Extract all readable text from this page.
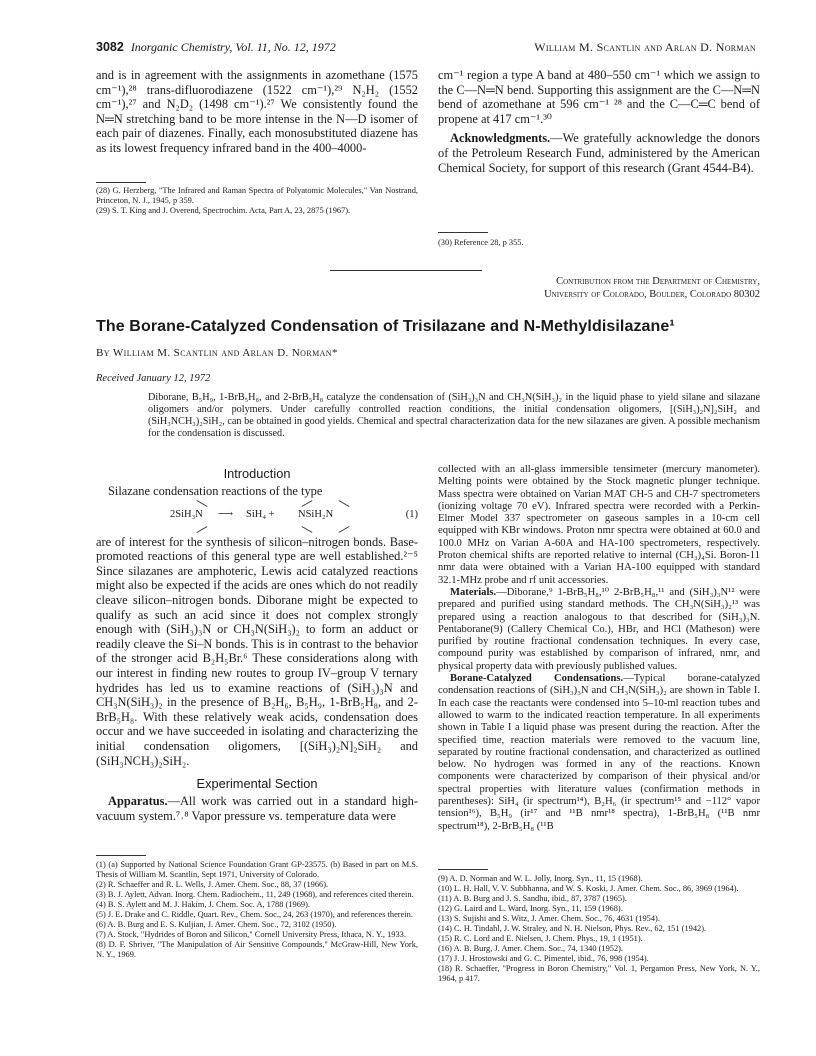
3082 Inorganic Chemistry, Vol. 11, No. 12, 1972	William M. Scantlin and Arlan D. Norman

and is in agreement with the assignments in azomethane (1575 cm⁻¹),²⁸ trans-difluorodiazene (1522 cm⁻¹),²⁹ N₂H₂ (1552 cm⁻¹),²⁷ and N₂D₂ (1498 cm⁻¹).²⁷ We consistently found the N═N stretching band to be more intense in the N—D isomer of each pair of diazenes. Finally, each monosubstituted diazene has as its lowest frequency infrared band in the 400–4000-

(28) G. Herzberg, "The Infrared and Raman Spectra of Polyatomic Molecules," Van Nostrand, Princeton, N. J., 1945, p 359.

(29) S. T. King and J. Overend, Spectrochim. Acta, Part A, 23, 2875 (1967).

cm⁻¹ region a type A band at 480–550 cm⁻¹ which we assign to the C—N═N bend. Supporting this assignment are the C—N═N bend of azomethane at 596 cm⁻¹ ²⁸ and the C—C═C bend of propene at 417 cm⁻¹.³⁰

Acknowledgments.—We gratefully acknowledge the donors of the Petroleum Research Fund, administered by the American Chemical Society, for support of this research (Grant 4544-B4).

(30) Reference 28, p 355.

Contribution from the Department of Chemistry,
University of Colorado, Boulder, Colorado 80302
The Borane-Catalyzed Condensation of Trisilazane and N-Methyldisilazane¹
By William M. Scantlin and Arlan D. Norman*
Received January 12, 1972
Diborane, B₅H₉, 1-BrB₅H₈, and 2-BrB₅H₈ catalyze the condensation of (SiH₃)₃N and CH₃N(SiH₃)₂ in the liquid phase to yield silane and silazane oligomers and/or polymers. Under carefully controlled reaction conditions, the initial condensation oligomers, [(SiH₃)₂N]₂SiH₂ and (SiH₃NCH₃)₂SiH₂, can be obtained in good yields. Chemical and spectral characterization data for the new silazanes are given. A possible mechanism for the condensation is discussed.
Introduction

Silazane condensation reactions of the type

2SiH₃N ⟶ SiH₄ + NSiH₂N	(1)

are of interest for the synthesis of silicon–nitrogen bonds. Base-promoted reactions of this general type are well established.²⁻⁵ Since silazanes are amphoteric, Lewis acid catalyzed reactions might also be expected if the acids are ones which do not readily cleave silicon–nitrogen bonds. Diborane might be expected to qualify as such an acid since it does not complex strongly enough with (SiH₃)₃N or CH₃N(SiH₃)₂ to form an adduct or readily cleave the Si–N bonds. This is in contrast to the behavior of the stronger acid B₂H₅Br.⁶ These considerations along with our interest in finding new routes to group IV–group V ternary hydrides has led us to examine reactions of (SiH₃)₃N and CH₃N(SiH₃)₂ in the presence of B₂H₆, B₅H₉, 1-BrB₅H₈, and 2-BrB₅H₈. With these relatively weak acids, condensation does occur and we have succeeded in isolating and characterizing the initial condensation oligomers, [(SiH₃)₂N]₂SiH₂ and (SiH₃NCH₃)₂SiH₂.

Experimental Section

Apparatus.—All work was carried out in a standard high-vacuum system.⁷˒⁸ Vapor pressure vs. temperature data were

(1) (a) Supported by National Science Foundation Grant GP-23575. (b) Based in part on M.S. Thesis of William M. Scantlin, Sept 1971, University of Colorado.

(2) R. Schaeffer and R. L. Wells, J. Amer. Chem. Soc., 88, 37 (1966).

(3) B. J. Aylett, Advan. Inorg. Chem. Radiochem., 11, 249 (1968), and references cited therein.

(4) B. S. Aylett and M. J. Hakim, J. Chem. Soc. A, 1788 (1969).

(5) J. E. Drake and C. Riddle, Quart. Rev., Chem. Soc., 24, 263 (1970), and references therein.

(6) A. B. Burg and E. S. Kuljian, J. Amer. Chem. Soc., 72, 3102 (1950).

(7) A. Stock, "Hydrides of Boron and Silicon," Cornell University Press, Ithaca, N. Y., 1933.

(8) D. F. Shriver, "The Manipulation of Air Sensitive Compounds," McGraw-Hill, New York, N. Y., 1969.

collected with an all-glass immersible tensimeter (mercury manometer). Melting points were obtained by the Stock magnetic plunger technique. Mass spectra were obtained on Varian MAT CH-5 and CH-7 spectrometers (ionizing voltage 70 eV). Infrared spectra were recorded with a Perkin-Elmer Model 337 spectrometer on gaseous samples in a 10-cm cell equipped with KBr windows. Proton nmr spectra were obtained at 60.0 and 100.0 MHz on Varian A-60A and HA-100 spectrometers, respectively. Proton chemical shifts are reported relative to internal (CH₃)₄Si. Boron-11 nmr data were obtained with a Varian HA-100 equipped with standard 32.1-MHz probe and rf unit accessories.

Materials.—Diborane,⁹ 1-BrB₅H₈,¹⁰ 2-BrB₅H₈,¹¹ and (SiH₃)₃N¹² were prepared and purified using standard methods. The CH₃N(SiH₃)₂¹³ was prepared using a reaction analogous to that described for (SiH₃)₃N. Pentaborane(9) (Callery Chemical Co.), HBr, and HCl (Matheson) were purified by routine fractional condensation techniques. In every case, compound purity was established by comparison of infrared, nmr, and physical property data with previously published values.

Borane-Catalyzed Condensations.—Typical borane-catalyzed condensation reactions of (SiH₃)₃N and CH₃N(SiH₃)₂ are shown in Table I. In each case the reactants were condensed into 5–10-ml reaction tubes and allowed to warm to the indicated reaction temperature. In all experiments shown in Table I a liquid phase was present during the reaction. After the specified time, reaction materials were removed to the vacuum line, separated by routine fractional condensation, and characterized as outlined below. No hydrogen was formed in any of the reactions. Known components were characterized by comparison of their physical and/or spectral properties with literature values (confirmation methods in parentheses): SiH₄ (ir spectrum¹⁴), B₂H₆ (ir spectrum¹⁵ and −112° vapor tension¹⁶), B₅H₉ (ir¹⁷ and ¹¹B nmr¹⁸ spectra), 1-BrB₅H₈ (¹¹B nmr spectrum¹⁸), 2-BrB₅H₈ (¹¹B

(9) A. D. Norman and W. L. Jolly, Inorg. Syn., 11, 15 (1968).

(10) L. H. Hall, V. V. Subbhanna, and W. S. Koski, J. Amer. Chem. Soc., 86, 3969 (1964).

(11) A. B. Burg and J. S. Sandhu, ibid., 87, 3787 (1965).

(12) G. Laird and L. Ward, Inorg. Syn., 11, 159 (1968).

(13) S. Sujishi and S. Witz, J. Amer. Chem. Soc., 76, 4631 (1954).

(14) C. H. Tindahl, J. W. Straley, and N. H. Nielson, Phys. Rev., 62, 151 (1942).

(15) R. C. Lord and E. Nielsen, J. Chem. Phys., 19, 1 (1951).

(16) A. B. Burg, J. Amer. Chem. Soc., 74, 1340 (1952).

(17) J. J. Hrostowski and G. C. Pimentel, ibid., 76, 998 (1954).

(18) R. Schaeffer, "Progress in Boron Chemistry," Vol. 1, Pergamon Press, New York, N. Y., 1964, p 417.
